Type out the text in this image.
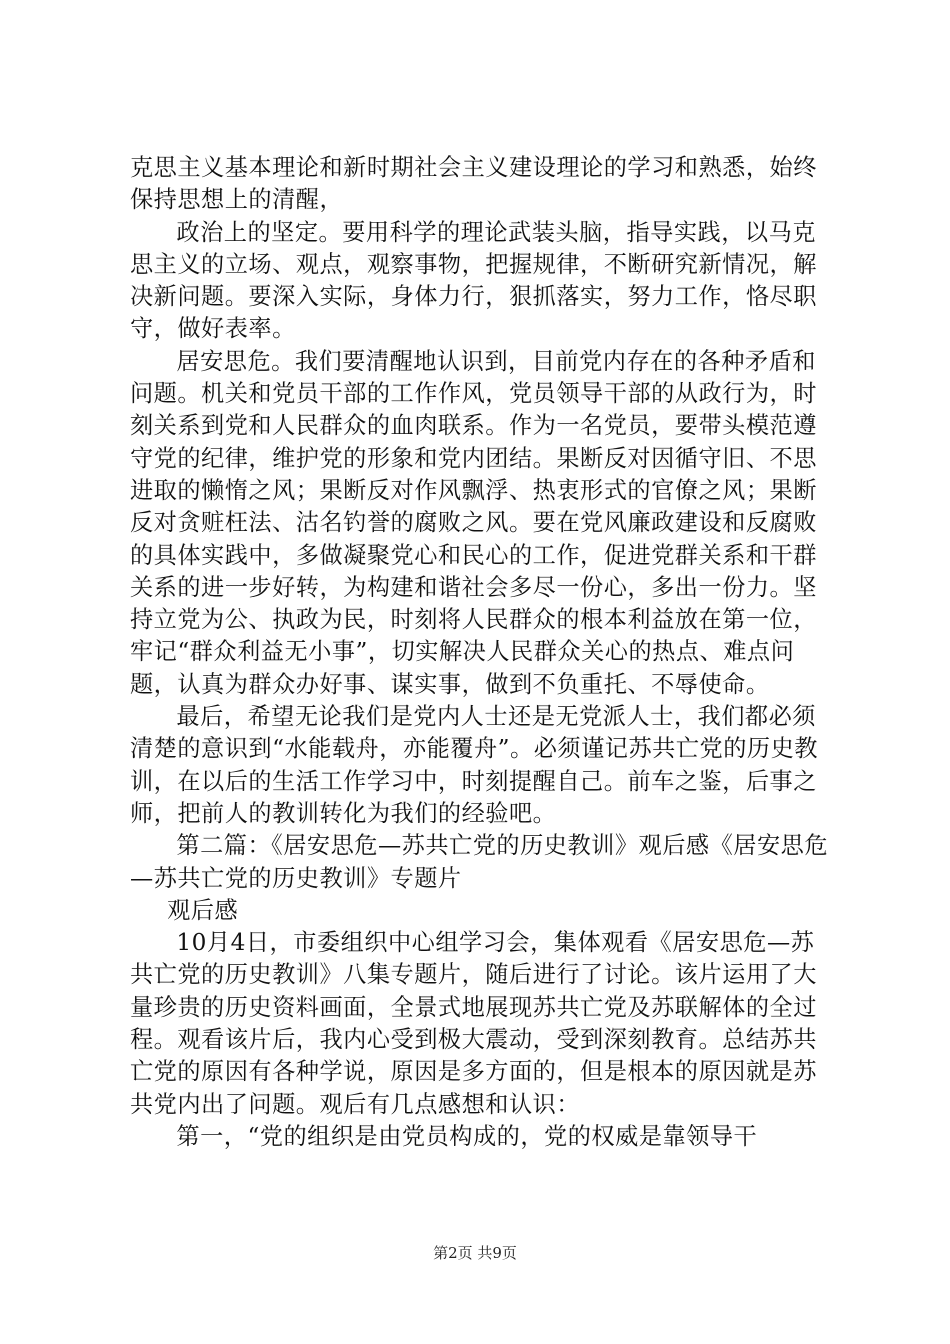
克思主义基本理论和新时期社会主义建设理论的学习和熟悉，始终保持思想上的清醒，

政治上的坚定。要用科学的理论武装头脑，指导实践，以马克思主义的立场、观点，观察事物，把握规律，不断研究新情况，解决新问题。要深入实际，身体力行，狠抓落实，努力工作，恪尽职守，做好表率。

居安思危。我们要清醒地认识到，目前党内存在的各种矛盾和问题。机关和党员干部的工作作风，党员领导干部的从政行为，时刻关系到党和人民群众的血肉联系。作为一名党员，要带头模范遵守党的纪律，维护党的形象和党内团结。果断反对因循守旧、不思进取的懒惰之风；果断反对作风飘浮、热衷形式的官僚之风；果断反对贪赃枉法、沽名钓誉的腐败之风。要在党风廉政建设和反腐败的具体实践中，多做凝聚党心和民心的工作，促进党群关系和干群关系的进一步好转，为构建和谐社会多尽一份心，多出一份力。坚持立党为公、执政为民，时刻将人民群众的根本利益放在第一位，牢记“群众利益无小事”，切实解决人民群众关心的热点、难点问题，认真为群众办好事、谋实事，做到不负重托、不辱使命。

最后，希望无论我们是党内人士还是无党派人士，我们都必须清楚的意识到“水能载舟，亦能覆舟”。必须谨记苏共亡党的历史教训，在以后的生活工作学习中，时刻提醒自己。前车之鉴，后事之师，把前人的教训转化为我们的经验吧。

第二篇：《居安思危—苏共亡党的历史教训》观后感《居安思危—苏共亡党的历史教训》专题片

观后感

10月4日，市委组织中心组学习会，集体观看《居安思危—苏共亡党的历史教训》八集专题片，随后进行了讨论。该片运用了大量珍贵的历史资料画面，全景式地展现苏共亡党及苏联解体的全过程。观看该片后，我内心受到极大震动，受到深刻教育。总结苏共亡党的原因有各种学说，原因是多方面的，但是根本的原因就是苏共党内出了问题。观后有几点感想和认识：

第一，“党的组织是由党员构成的，党的权威是靠领导干

第2页 共9页
